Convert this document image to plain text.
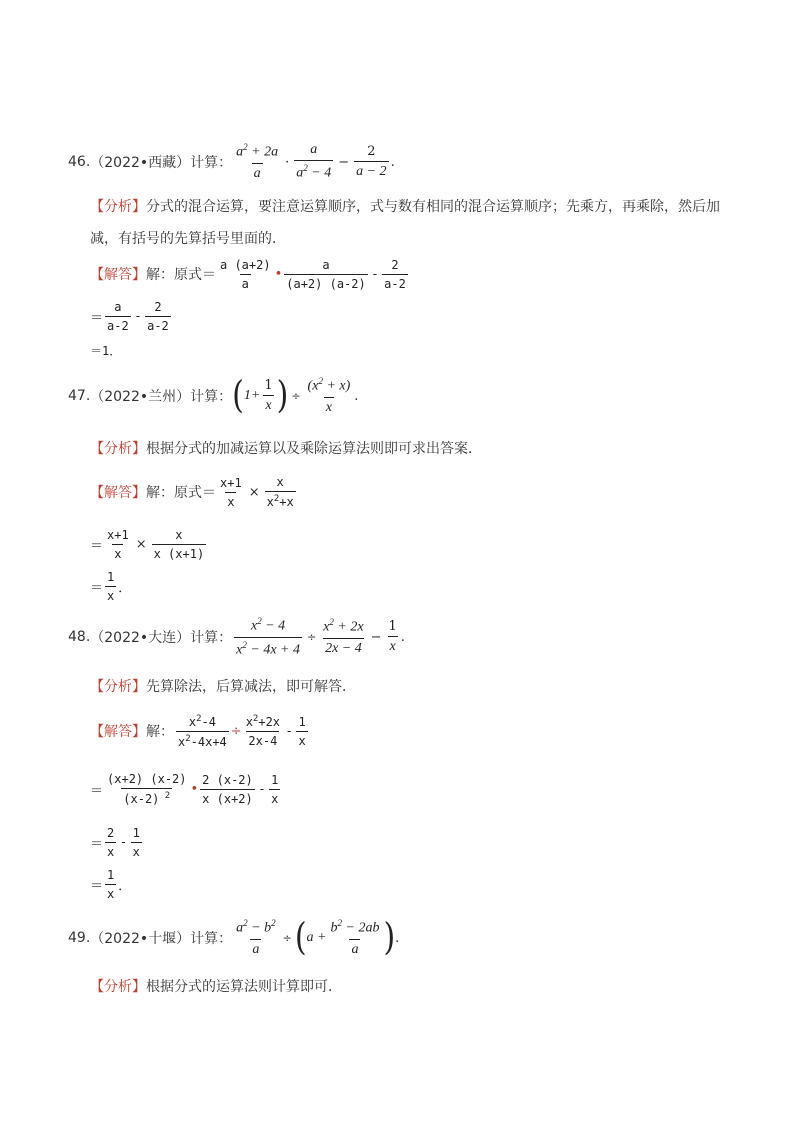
46. （2022•西藏） 计算： $\frac{a^2 + 2a}{a} \cdot \frac{a}{a^2 - 4} - \frac{2}{a - 2}$ .
【分析】 分式的混合运算，要注意运算顺序，式与数有相同的混合运算顺序；先乘方，再乘除，然后加
减，有括号的先算括号里面的．
【解答】 解：原式＝ $\frac{a (a+2)}{a}$ • $\frac{a}{(a+2) (a-2)} - \frac{2}{a-2}$
＝ $\frac{a}{a-2} - \frac{2}{a-2}$
＝1．
47. （2022•兰州） 计算： ( $1+ \frac{1}{x}$ ) ÷ $\frac{(x^2 + x)}{x}$ .
【分析】 根据分式的加减运算以及乘除运算法则即可求出答案．
【解答】 解：原式＝ $\frac{x+1}{x} \times \frac{x}{x^2+x}$
＝ $\frac{x+1}{x} \times \frac{x}{x (x+1)}$
＝ $\frac{1}{x}$ ．
48. （2022•大连） 计算： $\frac{x^2 - 4}{x^2 - 4x + 4} \div \frac{x^2 + 2x}{2x - 4} - \frac{1}{x}$ .
【分析】 先算除法，后算减法，即可解答．
【解答】 解： $\frac{x^2-4}{x^2-4x+4} \div \frac{x^2+2x}{2x-4} - \frac{1}{x}$
＝ $\frac{(x+2) (x-2)}{(x-2) ^2}$ • $\frac{2 (x-2)}{x (x+2)} - \frac{1}{x}$
＝ $\frac{2}{x} - \frac{1}{x}$
＝ $\frac{1}{x}$ ．
49. （2022•十堰） 计算： $\frac{a^2 - b^2}{a}$ ÷ ( $a + \frac{b^2 - 2ab}{a}$ ) .
【分析】 根据分式的运算法则计算即可．
